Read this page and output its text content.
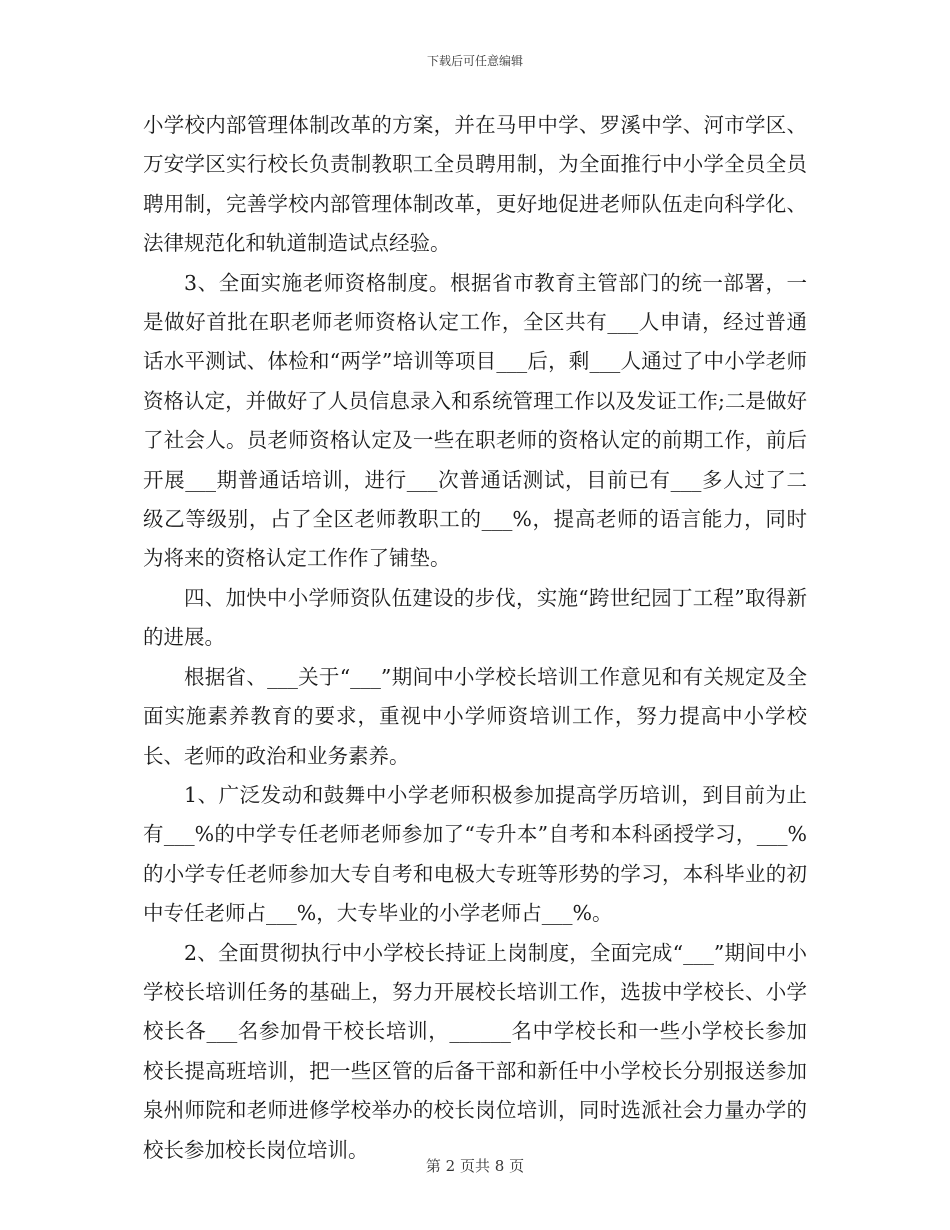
下载后可任意编辑

小学校内部管理体制改革的方案，并在马甲中学、罗溪中学、河市学区、万安学区实行校长负责制教职工全员聘用制，为全面推行中小学全员全员聘用制，完善学校内部管理体制改革，更好地促进老师队伍走向科学化、法律规范化和轨道制造试点经验。

3、全面实施老师资格制度。根据省市教育主管部门的统一部署，一是做好首批在职老师老师资格认定工作，全区共有___人申请，经过普通话水平测试、体检和“两学”培训等项目___后，剩___人通过了中小学老师资格认定，并做好了人员信息录入和系统管理工作以及发证工作;二是做好了社会人。员老师资格认定及一些在职老师的资格认定的前期工作，前后开展___期普通话培训，进行___次普通话测试，目前已有___多人过了二级乙等级别，占了全区老师教职工的___%，提高老师的语言能力，同时为将来的资格认定工作作了铺垫。

四、加快中小学师资队伍建设的步伐，实施“跨世纪园丁工程”取得新的进展。

根据省、___关于“___”期间中小学校长培训工作意见和有关规定及全面实施素养教育的要求，重视中小学师资培训工作，努力提高中小学校长、老师的政治和业务素养。

1、广泛发动和鼓舞中小学老师积极参加提高学历培训，到目前为止有___%的中学专任老师老师参加了“专升本”自考和本科函授学习，___%的小学专任老师参加大专自考和电极大专班等形势的学习，本科毕业的初中专任老师占___%，大专毕业的小学老师占___%。

2、全面贯彻执行中小学校长持证上岗制度，全面完成“___”期间中小学校长培训任务的基础上，努力开展校长培训工作，选拔中学校长、小学校长各___名参加骨干校长培训，______名中学校长和一些小学校长参加校长提高班培训，把一些区管的后备干部和新任中小学校长分别报送参加泉州师院和老师进修学校举办的校长岗位培训，同时选派社会力量办学的校长参加校长岗位培训。

第 2 页共 8 页
